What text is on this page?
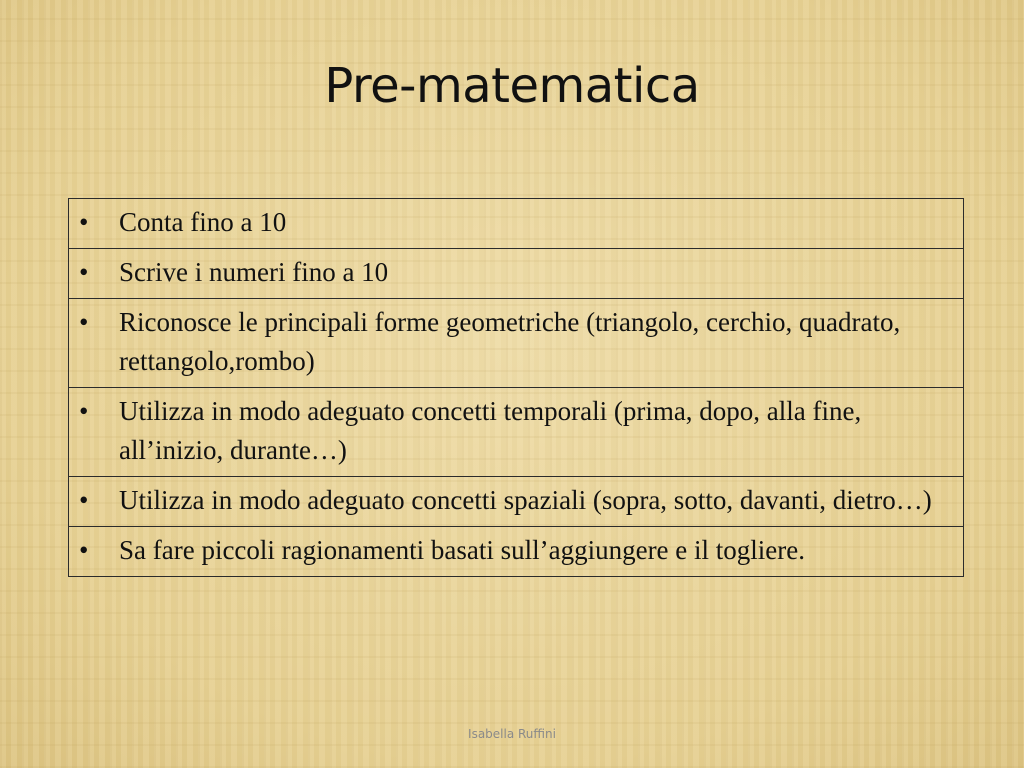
Pre-matematica
•	Conta fino a 10

•	Scrive i numeri fino a 10

•	Riconosce le principali forme geometriche (triangolo, cerchio, quadrato, rettangolo,rombo)

•	Utilizza in modo adeguato concetti temporali (prima, dopo, alla fine, all’inizio, durante…)

•	Utilizza in modo adeguato concetti spaziali (sopra, sotto, davanti, dietro…)

•	Sa fare piccoli ragionamenti basati sull’aggiungere e il togliere.
Isabella Ruffini
